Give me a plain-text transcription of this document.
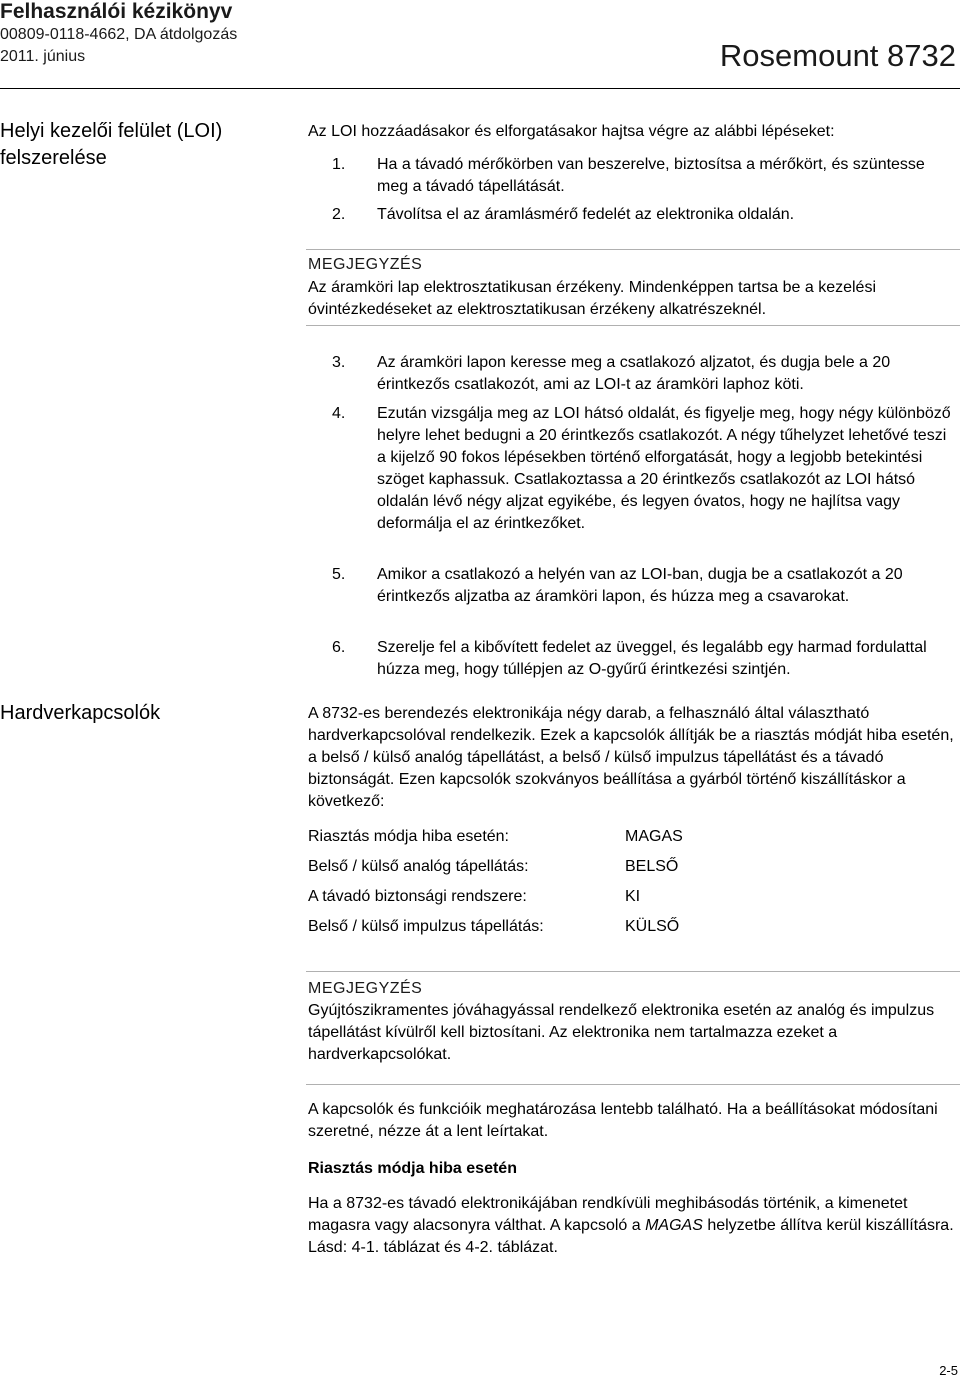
Felhasználói kézikönyv
00809-0118-4662, DA átdolgozás
2011. június	Rosemount 8732
Helyi kezelői felület (LOI)
felszerelése
Az LOI hozzáadásakor és elforgatásakor hajtsa végre az alábbi lépéseket:
1. Ha a távadó mérőkörben van beszerelve, biztosítsa a mérőkört, és szüntesse meg a távadó tápellátását.
2. Távolítsa el az áramlásmérő fedelét az elektronika oldalán.
MEGJEGYZÉS
Az áramköri lap elektrosztatikusan érzékeny. Mindenképpen tartsa be a kezelési óvintézkedéseket az elektrosztatikusan érzékeny alkatrészeknél.
3. Az áramköri lapon keresse meg a csatlakozó aljzatot, és dugja bele a 20 érintkezős csatlakozót, ami az LOI-t az áramköri laphoz köti.
4. Ezután vizsgálja meg az LOI hátsó oldalát, és figyelje meg, hogy négy különböző helyre lehet bedugni a 20 érintkezős csatlakozót. A négy tűhelyzet lehetővé teszi a kijelző 90 fokos lépésekben történő elforgatását, hogy a legjobb betekintési szöget kaphassuk. Csatlakoztassa a 20 érintkezős csatlakozót az LOI hátsó oldalán lévő négy aljzat egyikébe, és legyen óvatos, hogy ne hajlítsa vagy deformálja el az érintkezőket.
5. Amikor a csatlakozó a helyén van az LOI-ban, dugja be a csatlakozót a 20 érintkezős aljzatba az áramköri lapon, és húzza meg a csavarokat.
6. Szerelje fel a kibővített fedelet az üveggel, és legalább egy harmad fordulattal húzza meg, hogy túllépjen az O-gyűrű érintkezési szintjén.
Hardverkapcsolók	A 8732-es berendezés elektronikája négy darab, a felhasználó által választható hardverkapcsolóval rendelkezik. Ezek a kapcsolók állítják be a riasztás módját hiba esetén, a belső / külső analóg tápellátást, a belső / külső impulzus tápellátást és a távadó biztonságát. Ezen kapcsolók szokványos beállítása a gyárból történő kiszállításkor a következő:
Riasztás módja hiba esetén:	MAGAS
Belső / külső analóg tápellátás:	BELSŐ
A távadó biztonsági rendszere:	KI
Belső / külső impulzus tápellátás:	KÜLSŐ
MEGJEGYZÉS
Gyújtószikramentes jóváhagyással rendelkező elektronika esetén az analóg és impulzus tápellátást kívülről kell biztosítani. Az elektronika nem tartalmazza ezeket a hardverkapcsolókat.
A kapcsolók és funkcióik meghatározása lentebb található. Ha a beállításokat módosítani szeretné, nézze át a lent leírtakat.
Riasztás módja hiba esetén
Ha a 8732-es távadó elektronikájában rendkívüli meghibásodás történik, a kimenetet magasra vagy alacsonyra válthat. A kapcsoló a MAGAS helyzetbe állítva kerül kiszállításra. Lásd: 4-1. táblázat és 4-2. táblázat.
2-5
